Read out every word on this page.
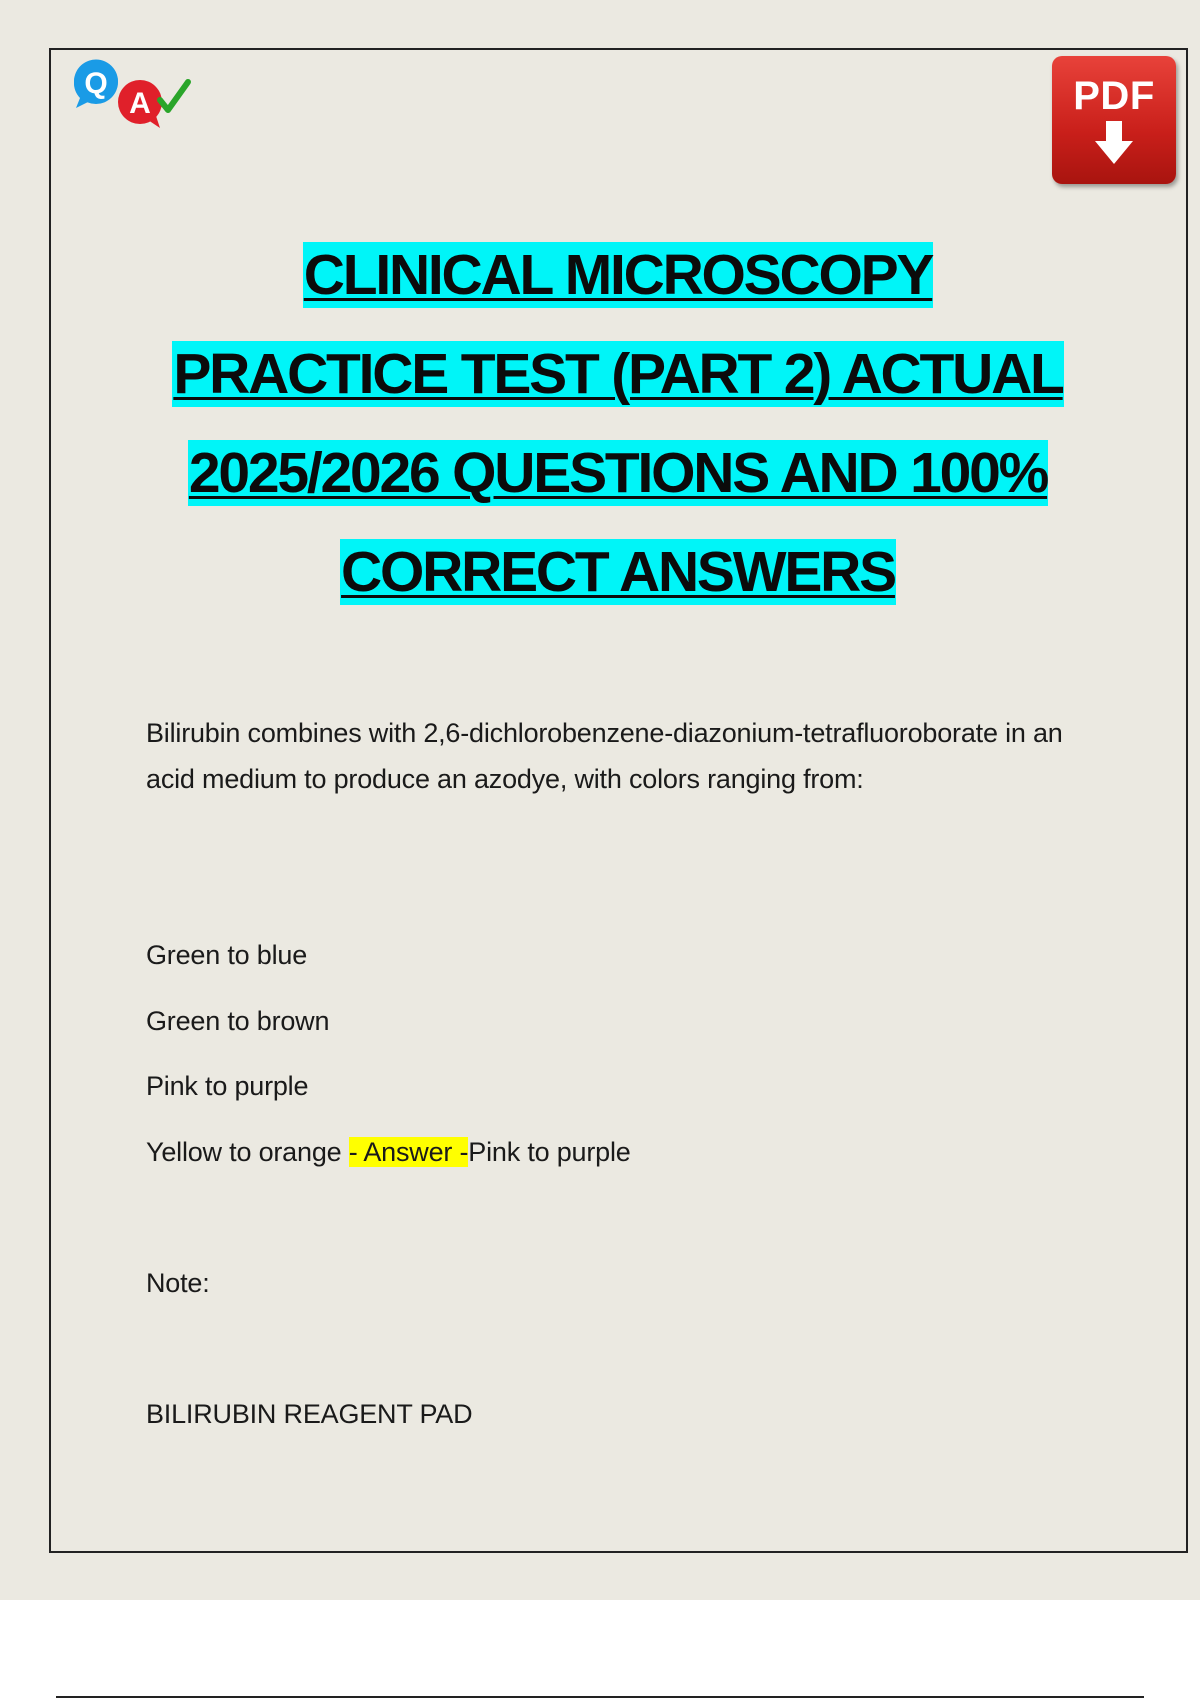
Q
A	PDF
CLINICAL MICROSCOPY
PRACTICE TEST (PART 2) ACTUAL
2025/2026 QUESTIONS AND 100%
CORRECT ANSWERS

Bilirubin combines with 2,6-dichlorobenzene-diazonium-tetrafluoroborate in an acid medium to produce an azodye, with colors ranging from:

Green to blue

Green to brown

Pink to purple

Yellow to orange - Answer -Pink to purple

Note:

BILIRUBIN REAGENT PAD
